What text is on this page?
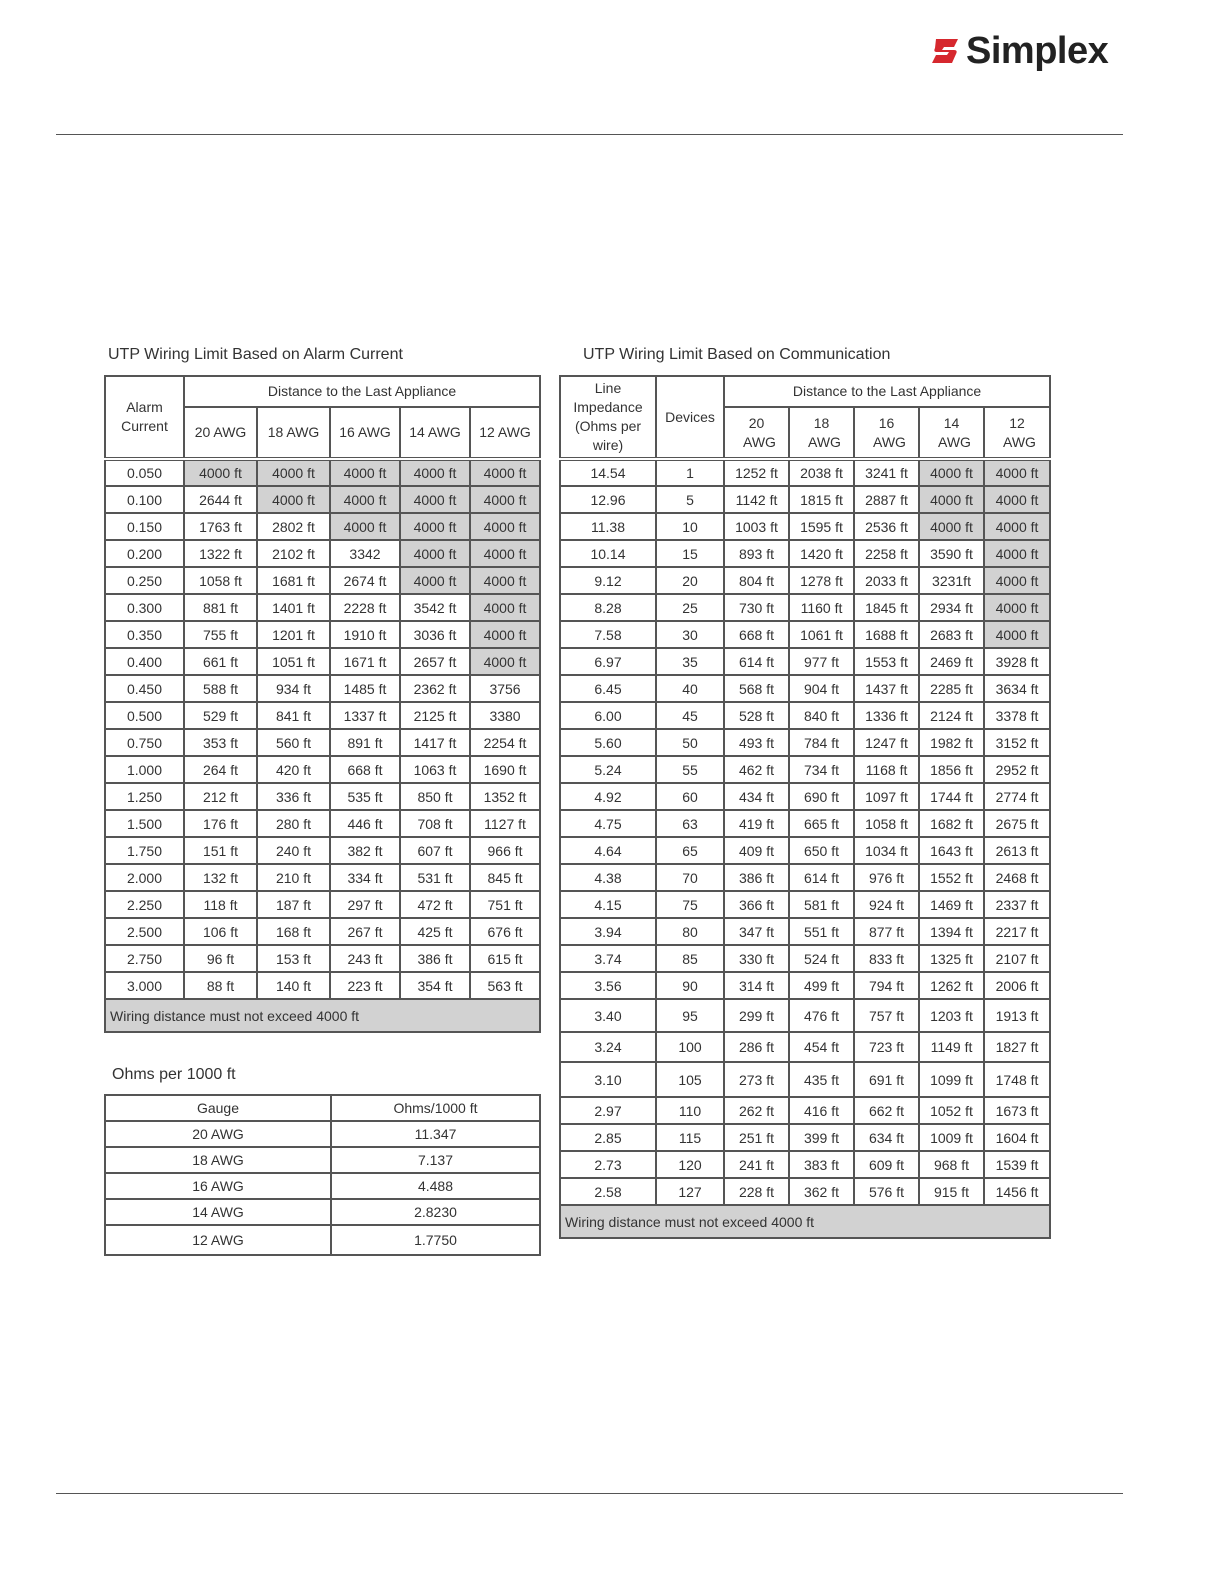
Simplex
UTP Wiring Limit Based on Alarm Current	UTP Wiring Limit Based on Communication
Ohms per 1000 ft
Alarm Current	Distance to the Last Appliance				
	20 AWG	18 AWG	16 AWG	14 AWG	12 AWG
0.050	4000 ft	4000 ft	4000 ft	4000 ft	4000 ft
0.100	2644 ft	4000 ft	4000 ft	4000 ft	4000 ft
0.150	1763 ft	2802 ft	4000 ft	4000 ft	4000 ft
0.200	1322 ft	2102 ft	3342	4000 ft	4000 ft
0.250	1058 ft	1681 ft	2674 ft	4000 ft	4000 ft
0.300	881 ft	1401 ft	2228 ft	3542 ft	4000 ft
0.350	755 ft	1201 ft	1910 ft	3036 ft	4000 ft
0.400	661 ft	1051 ft	1671 ft	2657 ft	4000 ft
0.450	588 ft	934 ft	1485 ft	2362 ft	3756
0.500	529 ft	841 ft	1337 ft	2125 ft	3380
0.750	353 ft	560 ft	891 ft	1417 ft	2254 ft
1.000	264 ft	420 ft	668 ft	1063 ft	1690 ft
1.250	212 ft	336 ft	535 ft	850 ft	1352 ft
1.500	176 ft	280 ft	446 ft	708 ft	1127 ft
1.750	151 ft	240 ft	382 ft	607 ft	966 ft
2.000	132 ft	210 ft	334 ft	531 ft	845 ft
2.250	118 ft	187 ft	297 ft	472 ft	751 ft
2.500	106 ft	168 ft	267 ft	425 ft	676 ft
2.750	96 ft	153 ft	243 ft	386 ft	615 ft
3.000	88 ft	140 ft	223 ft	354 ft	563 ft
Wiring distance must not exceed 4000 ft					
Line Impedance (Ohms per wire)	Devices	Distance to the Last Appliance				
		20 AWG	18 AWG	16 AWG	14 AWG	12 AWG
14.54	1	1252 ft	2038 ft	3241 ft	4000 ft	4000 ft
12.96	5	1142 ft	1815 ft	2887 ft	4000 ft	4000 ft
11.38	10	1003 ft	1595 ft	2536 ft	4000 ft	4000 ft
10.14	15	893 ft	1420 ft	2258 ft	3590 ft	4000 ft
9.12	20	804 ft	1278 ft	2033 ft	3231ft	4000 ft
8.28	25	730 ft	1160 ft	1845 ft	2934 ft	4000 ft
7.58	30	668 ft	1061 ft	1688 ft	2683 ft	4000 ft
6.97	35	614 ft	977 ft	1553 ft	2469 ft	3928 ft
6.45	40	568 ft	904 ft	1437 ft	2285 ft	3634 ft
6.00	45	528 ft	840 ft	1336 ft	2124 ft	3378 ft
5.60	50	493 ft	784 ft	1247 ft	1982 ft	3152 ft
5.24	55	462 ft	734 ft	1168 ft	1856 ft	2952 ft
4.92	60	434 ft	690 ft	1097 ft	1744 ft	2774 ft
4.75	63	419 ft	665 ft	1058 ft	1682 ft	2675 ft
4.64	65	409 ft	650 ft	1034 ft	1643 ft	2613 ft
4.38	70	386 ft	614 ft	976 ft	1552 ft	2468 ft
4.15	75	366 ft	581 ft	924 ft	1469 ft	2337 ft
3.94	80	347 ft	551 ft	877 ft	1394 ft	2217 ft
3.74	85	330 ft	524 ft	833 ft	1325 ft	2107 ft
3.56	90	314 ft	499 ft	794 ft	1262 ft	2006 ft
3.40	95	299 ft	476 ft	757 ft	1203 ft	1913 ft
3.24	100	286 ft	454 ft	723 ft	1149 ft	1827 ft
3.10	105	273 ft	435 ft	691 ft	1099 ft	1748 ft
2.97	110	262 ft	416 ft	662 ft	1052 ft	1673 ft
2.85	115	251 ft	399 ft	634 ft	1009 ft	1604 ft
2.73	120	241 ft	383 ft	609 ft	968 ft	1539 ft
2.58	127	228 ft	362 ft	576 ft	915 ft	1456 ft
Wiring distance must not exceed 4000 ft						
Gauge	Ohms/1000 ft
20 AWG	11.347
18 AWG	7.137
16 AWG	4.488
14 AWG	2.8230
12 AWG	1.7750
